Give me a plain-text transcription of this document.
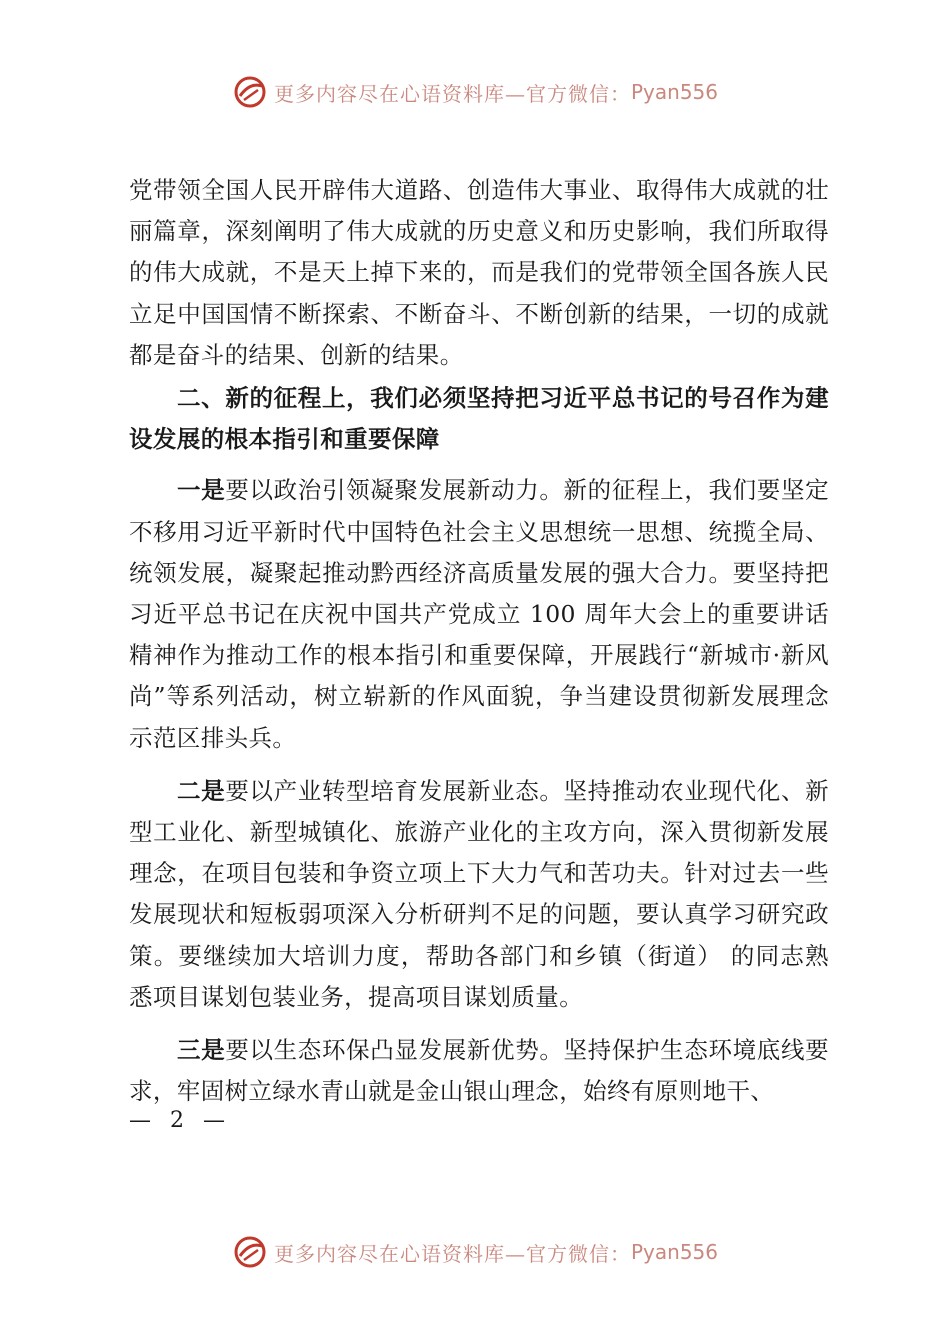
更多内容尽在心语资料库—官方微信： Pyan556

党带领全国人民开辟伟大道路、创造伟大事业、取得伟大成就的壮丽篇章，深刻阐明了伟大成就的历史意义和历史影响，我们所取得的伟大成就，不是天上掉下来的，而是我们的党带领全国各族人民立足中国国情不断探索、不断奋斗、不断创新的结果，一切的成就都是奋斗的结果、创新的结果。

二、新的征程上，我们必须坚持把习近平总书记的号召作为建设发展的根本指引和重要保障

一是要以政治引领凝聚发展新动力。新的征程上，我们要坚定不移用习近平新时代中国特色社会主义思想统一思想、统揽全局、统领发展，凝聚起推动黔西经济高质量发展的强大合力。要坚持把习近平总书记在庆祝中国共产党成立 100 周年大会上的重要讲话精神作为推动工作的根本指引和重要保障，开展践行“新城市·新风尚”等系列活动，树立崭新的作风面貌，争当建设贯彻新发展理念示范区排头兵。

二是要以产业转型培育发展新业态。坚持推动农业现代化、新型工业化、新型城镇化、旅游产业化的主攻方向，深入贯彻新发展理念，在项目包装和争资立项上下大力气和苦功夫。针对过去一些发展现状和短板弱项深入分析研判不足的问题，要认真学习研究政策。要继续加大培训力度，帮助各部门和乡镇（街道） 的同志熟悉项目谋划包装业务，提高项目谋划质量。

三是要以生态环保凸显发展新优势。坚持保护生态环境底线要求，牢固树立绿水青山就是金山银山理念，始终有原则地干、

— 2 —
更多内容尽在心语资料库—官方微信： Pyan556
